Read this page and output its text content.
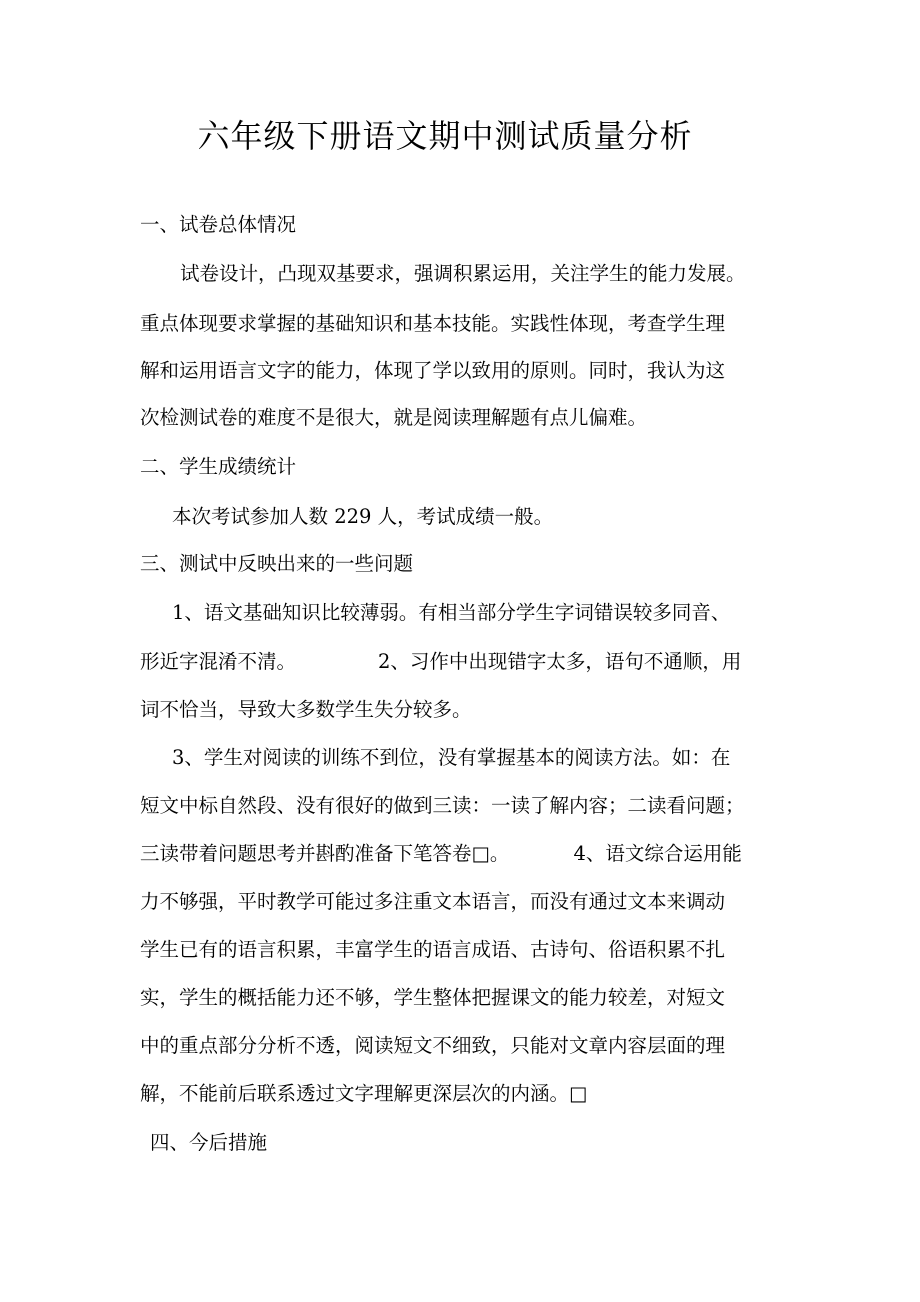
六年级下册语文期中测试质量分析
一、试卷总体情况
试卷设计，凸现双基要求，强调积累运用，关注学生的能力发展。
重点体现要求掌握的基础知识和基本技能。实践性体现，考查学生理
解和运用语言文字的能力，体现了学以致用的原则。同时，我认为这
次检测试卷的难度不是很大，就是阅读理解题有点儿偏难。
二、学生成绩统计
本次考试参加人数 229 人，考试成绩一般。
三、测试中反映出来的一些问题
1、语文基础知识比较薄弱。有相当部分学生字词错误较多同音、
形近字混淆不清。	2、习作中出现错字太多，语句不通顺，用
词不恰当，导致大多数学生失分较多。
3、学生对阅读的训练不到位，没有掌握基本的阅读方法。如：在
短文中标自然段、没有很好的做到三读：一读了解内容；二读看问题；
三读带着问题思考并斟酌准备下笔答卷□。	4、语文综合运用能
力不够强，平时教学可能过多注重文本语言，而没有通过文本来调动
学生已有的语言积累，丰富学生的语言成语、古诗句、俗语积累不扎
实，学生的概括能力还不够，学生整体把握课文的能力较差，对短文
中的重点部分分析不透，阅读短文不细致，只能对文章内容层面的理
解，不能前后联系透过文字理解更深层次的内涵。□
四、今后措施
